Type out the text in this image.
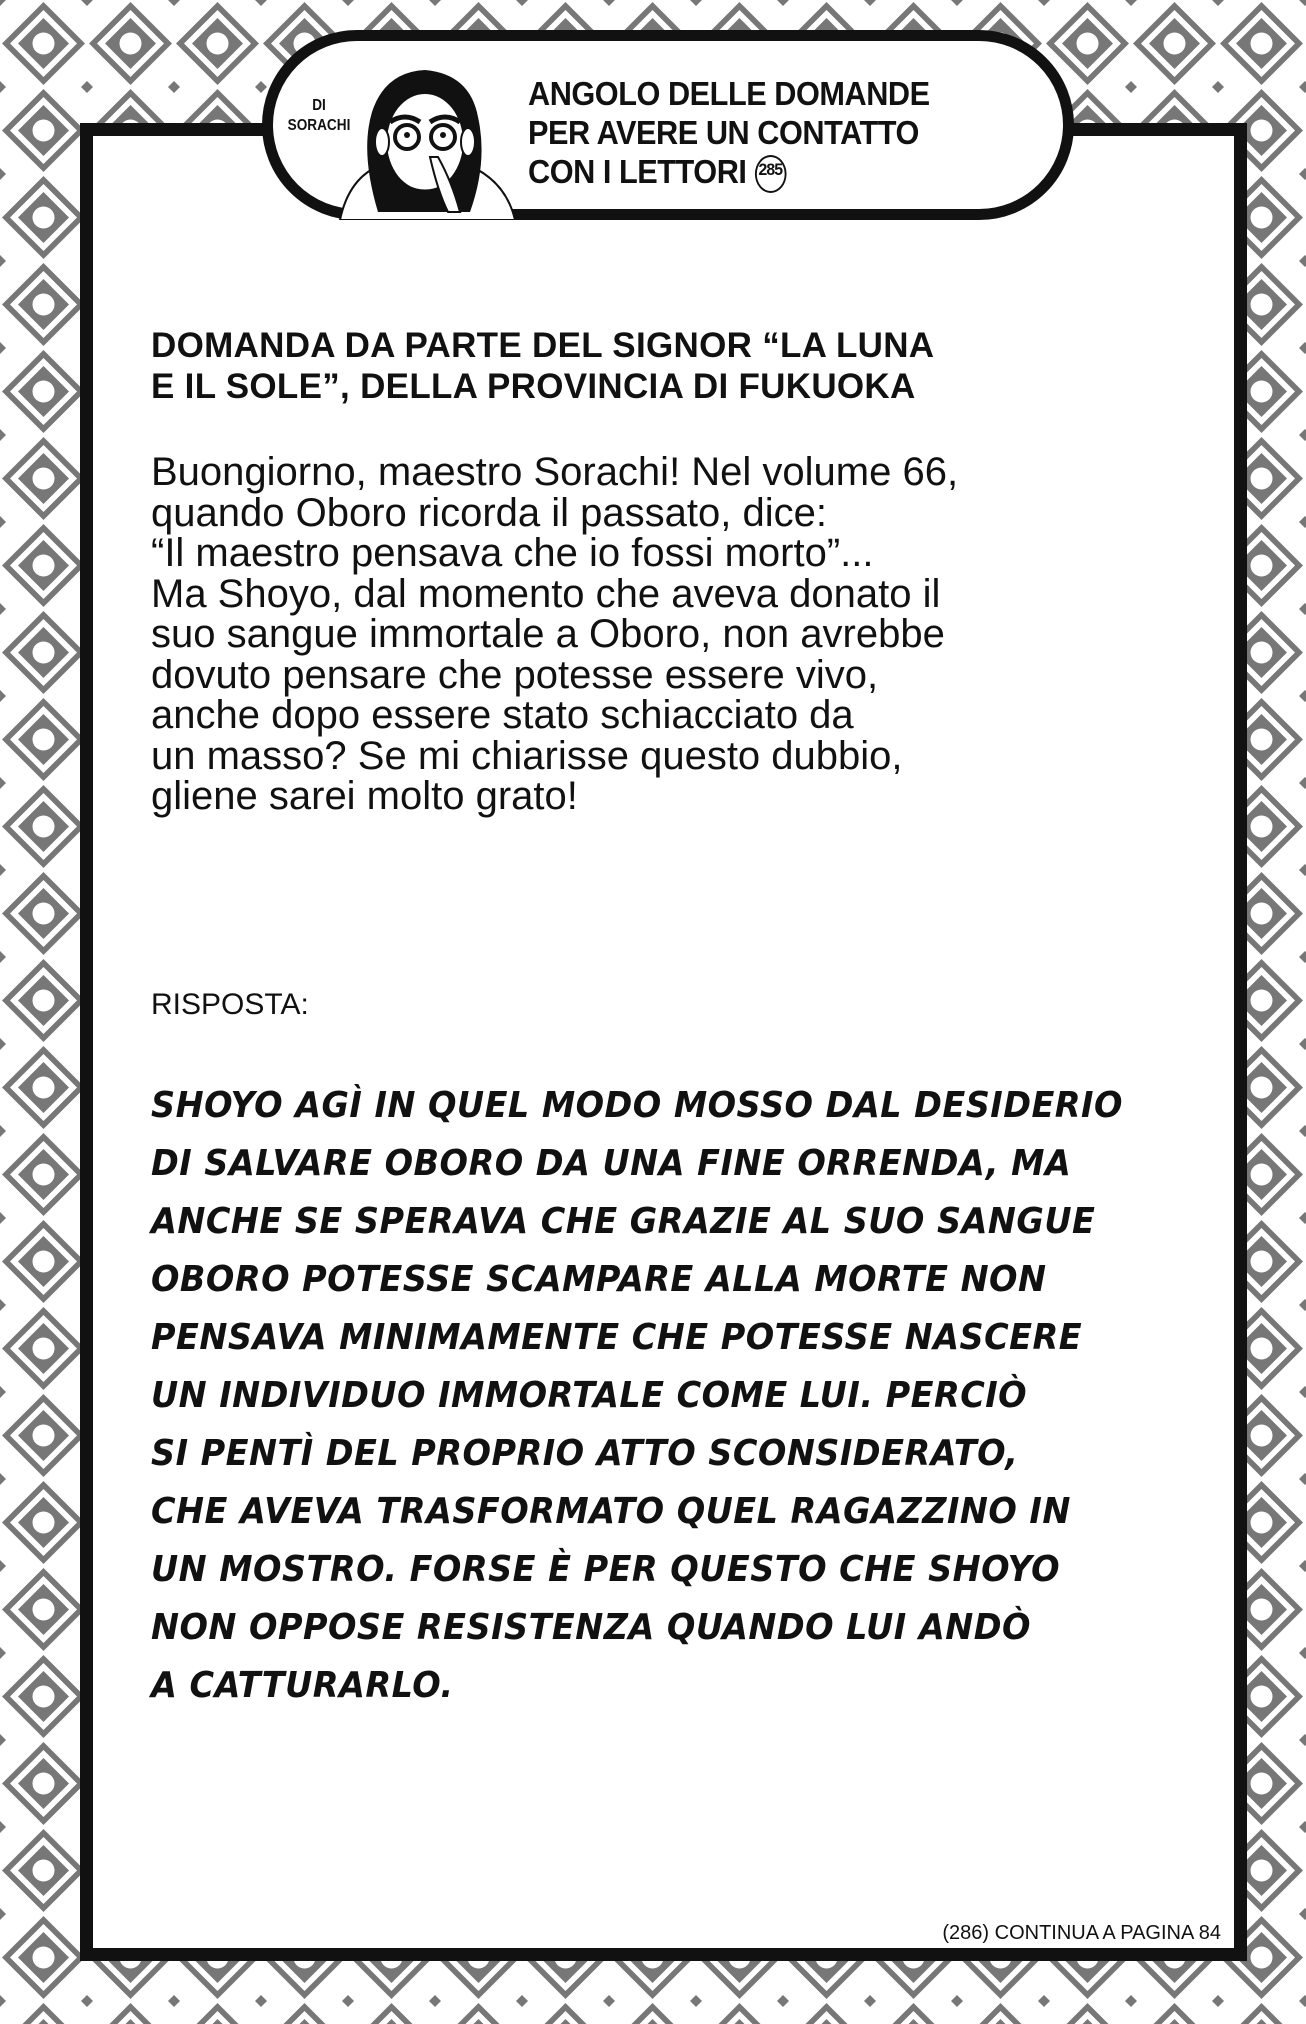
DI
SORACHI
ANGOLO DELLE DOMANDE
PER AVERE UN CONTATTO
CON I LETTORI 285
DOMANDA DA PARTE DEL SIGNOR “LA LUNA
E IL SOLE”, DELLA PROVINCIA DI FUKUOKA
Buongiorno, maestro Sorachi! Nel volume 66,
quando Oboro ricorda il passato, dice:
“Il maestro pensava che io fossi morto”...
Ma Shoyo, dal momento che aveva donato il
suo sangue immortale a Oboro, non avrebbe
dovuto pensare che potesse essere vivo,
anche dopo essere stato schiacciato da
un masso? Se mi chiarisse questo dubbio,
gliene sarei molto grato!
RISPOSTA:
SHOYO AGÌ IN QUEL MODO MOSSO DAL DESIDERIO
DI SALVARE OBORO DA UNA FINE ORRENDA, MA
ANCHE SE SPERAVA CHE GRAZIE AL SUO SANGUE
OBORO POTESSE SCAMPARE ALLA MORTE NON
PENSAVA MINIMAMENTE CHE POTESSE NASCERE
UN INDIVIDUO IMMORTALE COME LUI. PERCIÒ
SI PENTÌ DEL PROPRIO ATTO SCONSIDERATO,
CHE AVEVA TRASFORMATO QUEL RAGAZZINO IN
UN MOSTRO. FORSE È PER QUESTO CHE SHOYO
NON OPPOSE RESISTENZA QUANDO LUI ANDÒ
A CATTURARLO.
(286) CONTINUA A PAGINA 84
